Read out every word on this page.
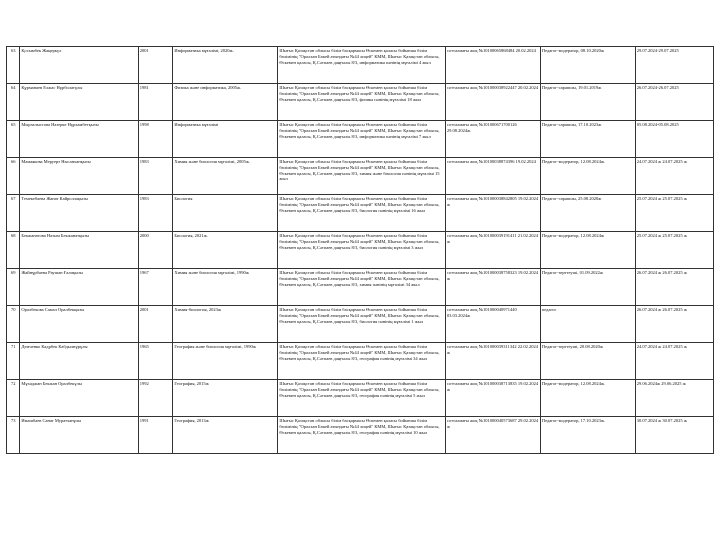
63	Қосымбек Жаңеркүл	2001	Информатика мұғалімі, 2020ж.	Шығыс Қазақстан облысы білім басқармасы Өскемен қаласы бойынша білім бөлімінің "Оралхан Бөкей атындағы №44 лицей" КММ, Шығыс Қазақстан облысы, Өскемен қаласы, Қ.Сәтпаев даңғылы 8/3, информатика пәнінің мұғалімі 4 жыл	сотталмағы жоқ №10100065868484 20.02.2024	Педагог-модератор, 08.10.2020ж	29.07.2024-29.07.2025
64	Құрманаев Елжас Нұрболатұлы	1981	Физика және информатика, 2005ж.	Шығыс Қазақстан облысы білім басқармасы Өскемен қаласы бойынша білім бөлімінің "Оралхан Бөкей атындағы №44 лицей" КММ, Шығыс Қазақстан облысы, Өскемен қаласы, Қ.Сәтпаев даңғылы 8/3, физика пәнінің мұғалімі 18 жыл	сотталмағы жоқ №101000038922447 20.02.2024	Педагог-сарапшы, 19.01.2019ж	26.07.2024-26.07.2025
65	Мырзалыстова Назерке Нұрхамбетқызы	1998	Информатика мұғалімі	Шығыс Қазақстан облысы білім басқармасы Өскемен қаласы бойынша білім бөлімінің "Оралхан Бөкей атындағы №44 лицей" КММ, Шығыс Қазақстан облысы, Өскемен қаласы, Қ.Сәтпаев даңғылы 8/3, информатика пәнінің мұғалімі 7 жыл	сотталмағы жоқ №101000671700126 29.08.2024ж.	Педагог-сарапшы, 17.10.2023ж	05.08.2024-05.08.2025
66	Мамаякова Меруерт Нысанханқызы	1983	Химия және биология мұғалімі, 2005ж.	Шығыс Қазақстан облысы білім басқармасы Өскемен қаласы бойынша білім бөлімінің "Оралхан Бөкей атындағы №44 лицей" КММ, Шығыс Қазақстан облысы, Өскемен қаласы, Қ.Сәтпаев даңғылы 8/3, химия және биология пәнінің мұғалімі 15 жыл	сотталмағы жоқ №10100038874396 19.02.2024	Педагог-модератор, 12.08.2024ж.	24.07.2024 ж 24.07.2025 ж
67	Темекебаева Жанат Кайроллақызы	1983	Биология	Шығыс Қазақстан облысы білім басқармасы Өскемен қаласы бойынша білім бөлімінің "Оралхан Бөкей атындағы №44 лицей" КММ, Шығыс Қазақстан облысы, Өскемен қаласы, Қ.Сәтпаев даңғылы 8/3, биология пәнінің мұғалімі 16 жыл	сотталмағы жоқ №101000038842805 19.02.2024 ж	Педагог-сарапшы, 25.08.2020ж	25.07.2024 ж 25.07.2025 ж
68	Бекжанатова Назым Бекжанатқызы	2000	Биология, 2021ж.	Шығыс Қазақстан облысы білім басқармасы Өскемен қаласы бойынша білім бөлімінің "Оралхан Бөкей атындағы №44 лицей" КММ, Шығыс Қазақстан облысы, Өскемен қаласы, Қ.Сәтпаев даңғылы 8/3, биология пәнінің мұғалімі 3 жыл	сотталмағы жоқ №101000039191411 21.02.2024 ж	Педагог-модератор, 12.08.2024ж	25.07.2024 ж 25.07.2025 ж
69	Жайнұрбаева Раушан Ғалиқызы	1967	Химия және биология мұғалімі, 1990ж	Шығыс Қазақстан облысы білім басқармасы Өскемен қаласы бойынша білім бөлімінің "Оралхан Бөкей атындағы №44 лицей" КММ, Шығыс Қазақстан облысы, Өскемен қаласы, Қ.Сәтпаев даңғылы 8/3, химия пәнінің мұғалімі 34 жыл	сотталмағы жоқ №101000038758323 19.02.2024 ж	Педагог-зерттеуші, 01.09.2022ж	26.07.2024 ж 26.07.2025 ж
70	Оралбекова Самал Оралбекқызы	2001	Химия-биология, 2023ж	Шығыс Қазақстан облысы білім басқармасы Өскемен қаласы бойынша білім бөлімінің "Оралхан Бөкей атындағы №44 лицей" КММ, Шығыс Қазақстан облысы, Өскемен қаласы, Қ.Сәтпаев даңғылы 8/3, биология пәнінің мұғалімі 1 жыл	сотталмағы жоқ №101000040971440 03.03.2024ж	педагог	26.07.2024 ж 26.07.2025 ж
71	Демченко Кадрбек Кабдылнұрұлы	1965	География және биология мұғалімі, 1990ж	Шығыс Қазақстан облысы білім басқармасы Өскемен қаласы бойынша білім бөлімінің "Оралхан Бөкей атындағы №44 лицей" КММ, Шығыс Қазақстан облысы, Өскемен қаласы, Қ.Сәтпаев даңғылы 8/3, география пәнінің мұғалімі 34 жыл	сотталмағы жоқ №101000039311342 22.02.2024 ж	Педагог-зерттеуші, 20.08.2020ж	24.07.2024 ж 24.07.2025 ж
72	Мұхаджан Бекжан Оралбекұлы	1992	География, 2015ж	Шығыс Қазақстан облысы білім басқармасы Өскемен қаласы бойынша білім бөлімінің "Оралхан Бөкей атындағы №44 лицей" КММ, Шығыс Қазақстан облысы, Өскемен қаласы, Қ.Сәтпаев даңғылы 8/3, география пәнінің мұғалімі 5 жыл	сотталмағы жоқ №101000038713835 19.02.2024 ж	Педагог-модератор, 12.08.2024ж.	29.06.2024ж 29.06.2025 ж
73	Имашбаев Санат Муратханұлы	1991	География, 2013ж	Шығыс Қазақстан облысы білім басқармасы Өскемен қаласы бойынша білім бөлімінің "Оралхан Бөкей атындағы №44 лицей" КММ, Шығыс Қазақстан облысы, Өскемен қаласы, Қ.Сәтпаев даңғылы 8/3, география пәнінің мұғалімі 10 жыл	сотталмағы жоқ №101000040573687 29.02.2024 ж	Педагог-модератор, 17.10.2023ж.	30.07.2024 ж 30.07.2025 ж
